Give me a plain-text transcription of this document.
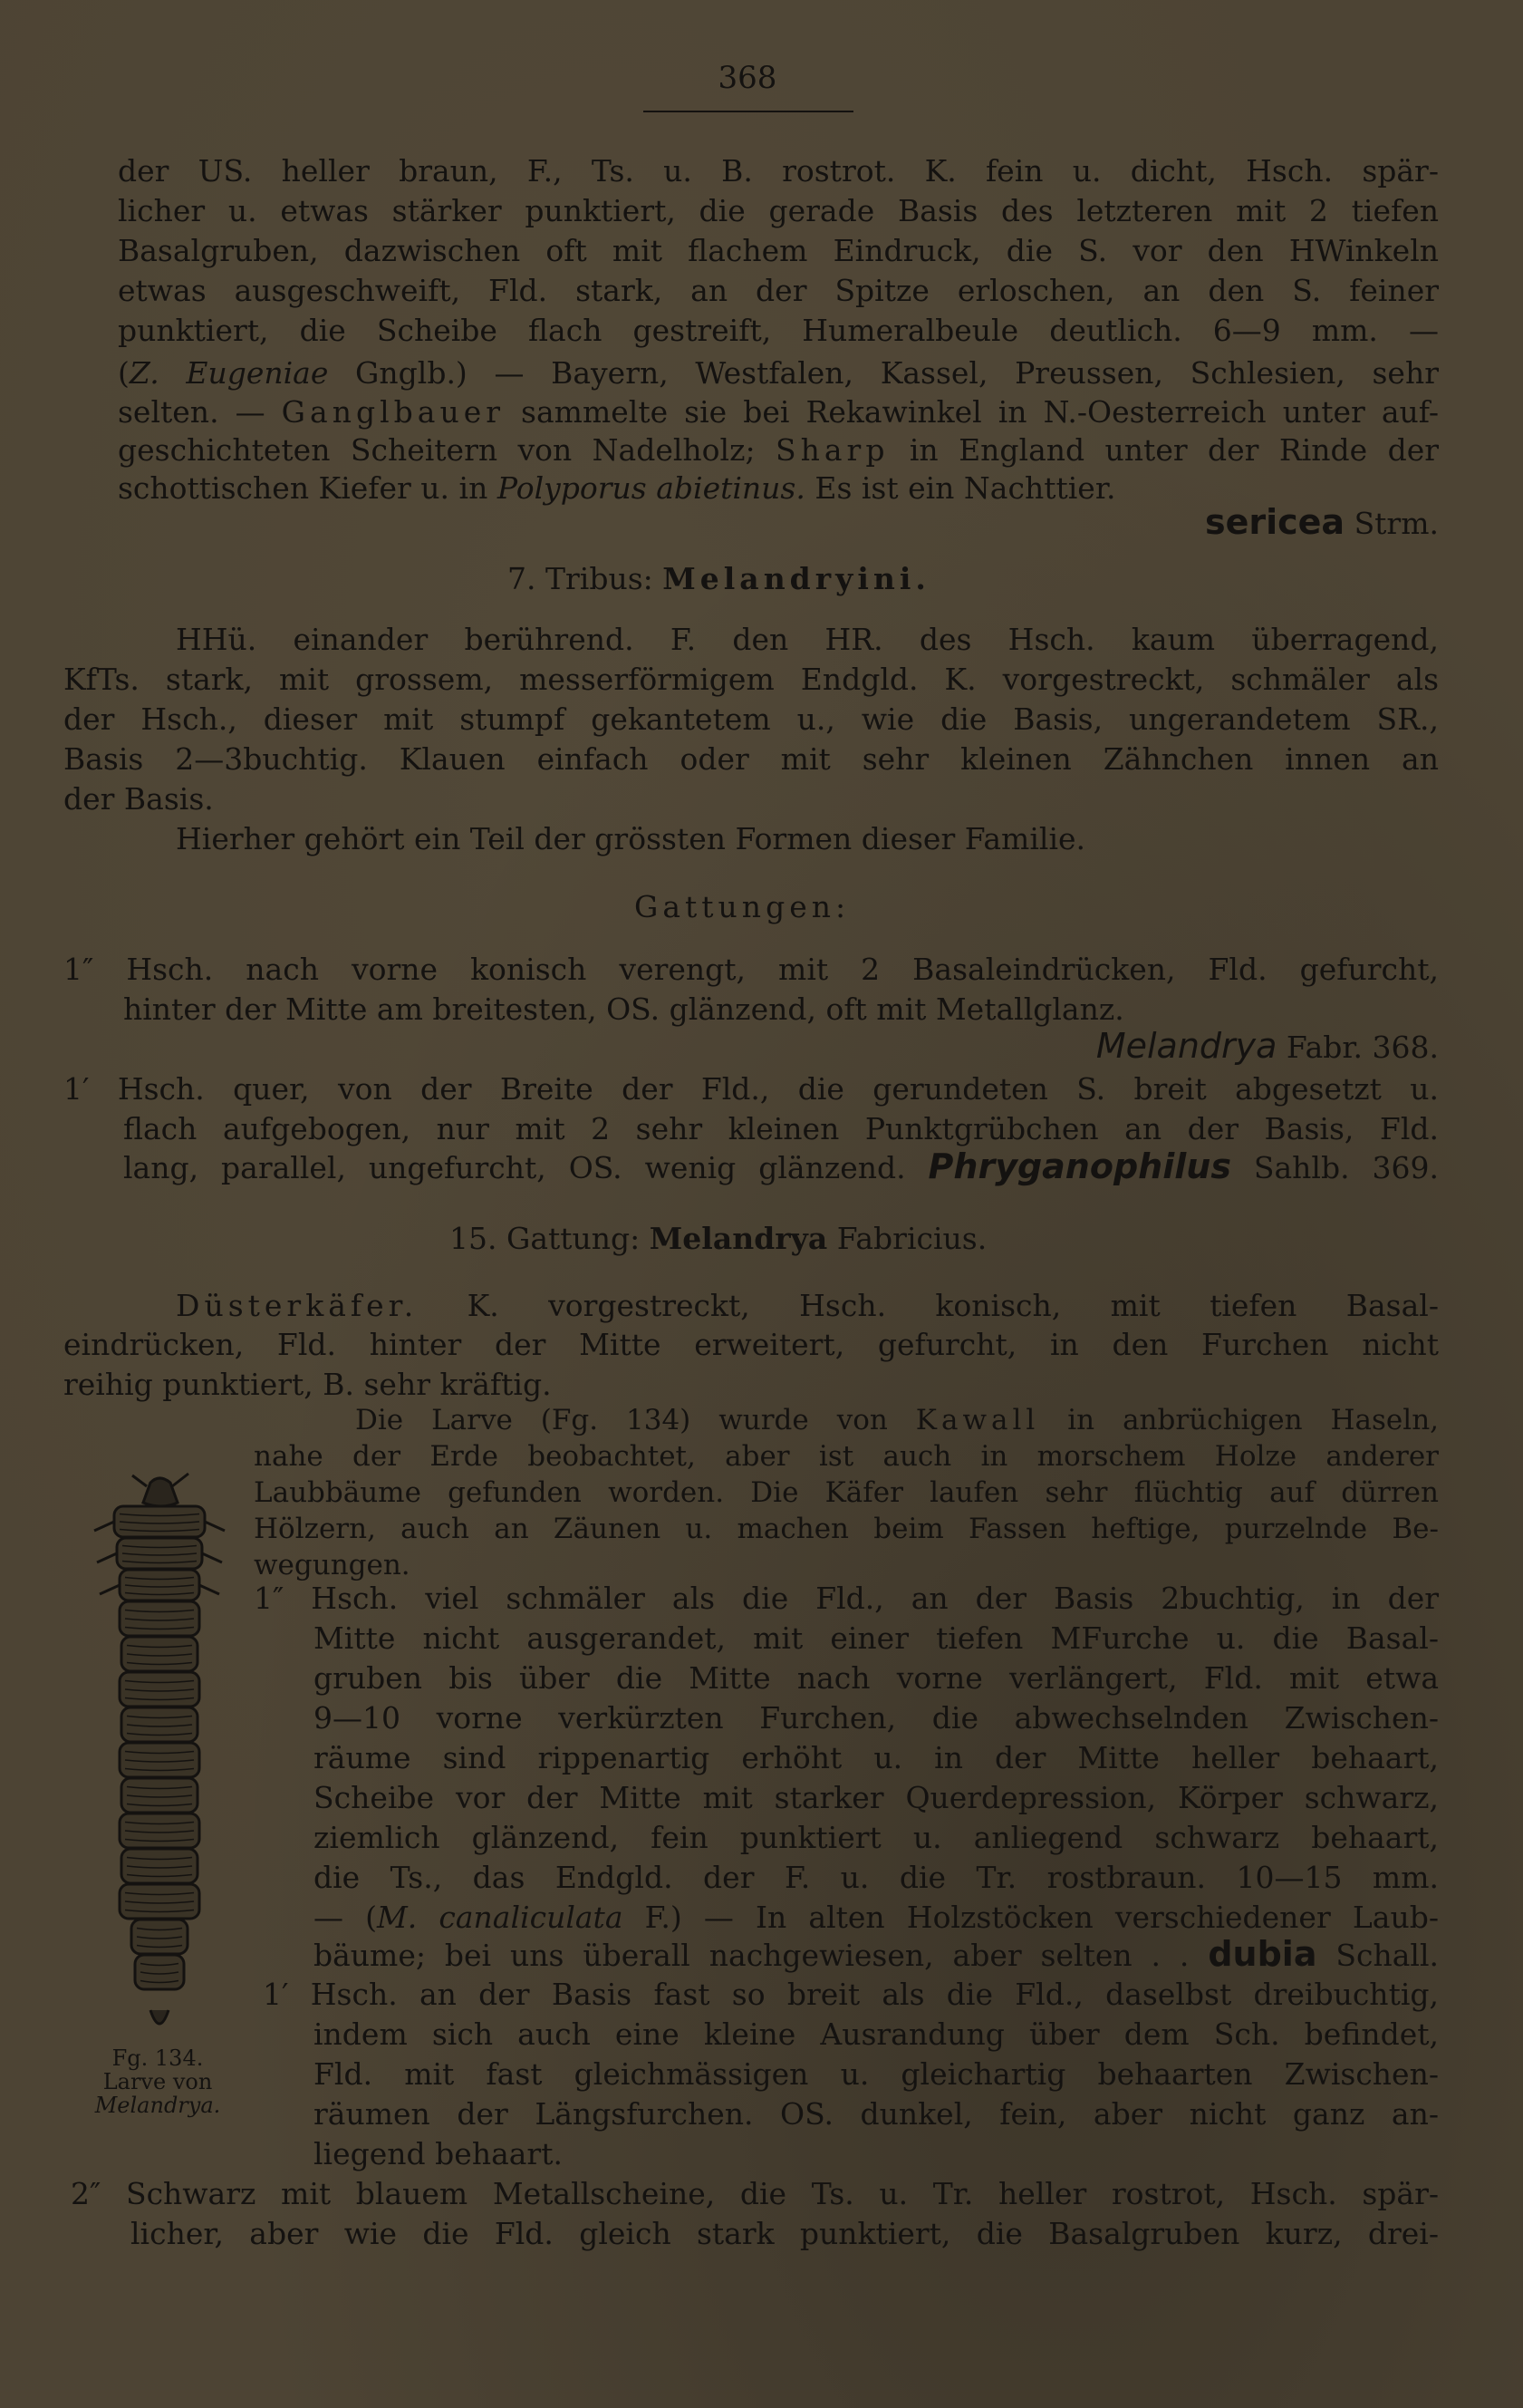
368
der US. heller braun, F., Ts. u. B. rostrot. K. fein u. dicht, Hsch. spär-
licher u. etwas stärker punktiert, die gerade Basis des letzteren mit 2 tiefen
Basalgruben, dazwischen oft mit flachem Eindruck, die S. vor den HWinkeln
etwas ausgeschweift, Fld. stark, an der Spitze erloschen, an den S. feiner
punktiert, die Scheibe flach gestreift, Humeralbeule deutlich. 6—9 mm. —
(Z. Eugeniae Gnglb.) — Bayern, Westfalen, Kassel, Preussen, Schlesien, sehr
selten. — Ganglbauer sammelte sie bei Rekawinkel in N.-Oesterreich unter auf-
geschichteten Scheitern von Nadelholz; Sharp in England unter der Rinde der
schottischen Kiefer u. in Polyporus abietinus. Es ist ein Nachttier.
sericea Strm.
7. Tribus: Melandryini.
HHü. einander berührend. F. den HR. des Hsch. kaum überragend,
KfTs. stark, mit grossem, messerförmigem Endgld. K. vorgestreckt, schmäler als
der Hsch., dieser mit stumpf gekantetem u., wie die Basis, ungerandetem SR.,
Basis 2—3buchtig. Klauen einfach oder mit sehr kleinen Zähnchen innen an
der Basis.
Hierher gehört ein Teil der grössten Formen dieser Familie.
Gattungen:
1″ Hsch. nach vorne konisch verengt, mit 2 Basaleindrücken, Fld. gefurcht,
hinter der Mitte am breitesten, OS. glänzend, oft mit Metallglanz.
Melandrya Fabr. 368.
1′ Hsch. quer, von der Breite der Fld., die gerundeten S. breit abgesetzt u.
flach aufgebogen, nur mit 2 sehr kleinen Punktgrübchen an der Basis, Fld.
lang, parallel, ungefurcht, OS. wenig glänzend. Phryganophilus Sahlb. 369.
15. Gattung: Melandrya Fabricius.
Düsterkäfer. K. vorgestreckt, Hsch. konisch, mit tiefen Basal-
eindrücken, Fld. hinter der Mitte erweitert, gefurcht, in den Furchen nicht
reihig punktiert, B. sehr kräftig.
Die Larve (Fg. 134) wurde von Kawall in anbrüchigen Haseln,
nahe der Erde beobachtet, aber ist auch in morschem Holze anderer
Laubbäume gefunden worden. Die Käfer laufen sehr flüchtig auf dürren
Hölzern, auch an Zäunen u. machen beim Fassen heftige, purzelnde Be-
wegungen.
1″ Hsch. viel schmäler als die Fld., an der Basis 2buchtig, in der
Mitte nicht ausgerandet, mit einer tiefen MFurche u. die Basal-
gruben bis über die Mitte nach vorne verlängert, Fld. mit etwa
9—10 vorne verkürzten Furchen, die abwechselnden Zwischen-
räume sind rippenartig erhöht u. in der Mitte heller behaart,
Scheibe vor der Mitte mit starker Querdepression, Körper schwarz,
ziemlich glänzend, fein punktiert u. anliegend schwarz behaart,
die Ts., das Endgld. der F. u. die Tr. rostbraun. 10—15 mm.
— (M. canaliculata F.) — In alten Holzstöcken verschiedener Laub-
bäume; bei uns überall nachgewiesen, aber selten . . dubia Schall.
1′ Hsch. an der Basis fast so breit als die Fld., daselbst dreibuchtig,
indem sich auch eine kleine Ausrandung über dem Sch. befindet,
Fld. mit fast gleichmässigen u. gleichartig behaarten Zwischen-
räumen der Längsfurchen. OS. dunkel, fein, aber nicht ganz an-
liegend behaart.
2″ Schwarz mit blauem Metallscheine, die Ts. u. Tr. heller rostrot, Hsch. spär-
licher, aber wie die Fld. gleich stark punktiert, die Basalgruben kurz, drei-
Fg. 134.
Larve von
Melandrya.
